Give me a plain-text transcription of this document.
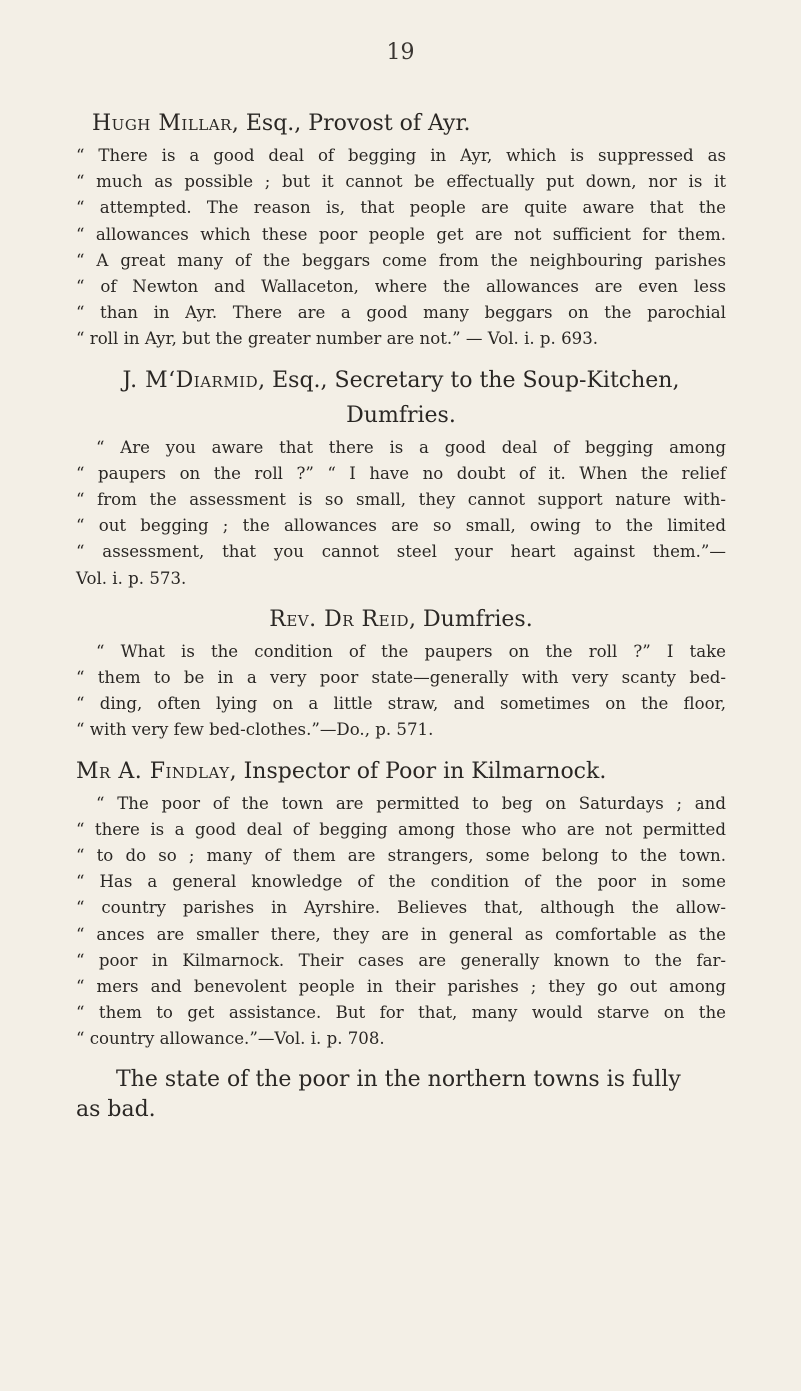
19
Hugh Millar, Esq., Provost of Ayr.
“ There is a good deal of begging in Ayr, which is suppressed as
“ much as possible ; but it cannot be effectually put down, nor is it
“ attempted. The reason is, that people are quite aware that the
“ allowances which these poor people get are not sufficient for them.
“ A great many of the beggars come from the neighbouring parishes
“ of Newton and Wallaceton, where the allowances are even less
“ than in Ayr. There are a good many beggars on the parochial
“ roll in Ayr, but the greater number are not.” — Vol. i. p. 693.
J. M‘Diarmid, Esq., Secretary to the Soup-Kitchen,
Dumfries.
“ Are you aware that there is a good deal of begging among
“ paupers on the roll ?” “ I have no doubt of it. When the relief
“ from the assessment is so small, they cannot support nature with-
“ out begging ; the allowances are so small, owing to the limited
“ assessment, that you cannot steel your heart against them.”—
Vol. i. p. 573.
Rev. Dr Reid, Dumfries.
“ What is the condition of the paupers on the roll ?” I take
“ them to be in a very poor state—generally with very scanty bed-
“ ding, often lying on a little straw, and sometimes on the floor,
“ with very few bed-clothes.”—Do., p. 571.
Mr A. Findlay, Inspector of Poor in Kilmarnock.
“ The poor of the town are permitted to beg on Saturdays ; and
“ there is a good deal of begging among those who are not permitted
“ to do so ; many of them are strangers, some belong to the town.
“ Has a general knowledge of the condition of the poor in some
“ country parishes in Ayrshire. Believes that, although the allow-
“ ances are smaller there, they are in general as comfortable as the
“ poor in Kilmarnock. Their cases are generally known to the far-
“ mers and benevolent people in their parishes ; they go out among
“ them to get assistance. But for that, many would starve on the
“ country allowance.”—Vol. i. p. 708.
The state of the poor in the northern towns is fully
as bad.
